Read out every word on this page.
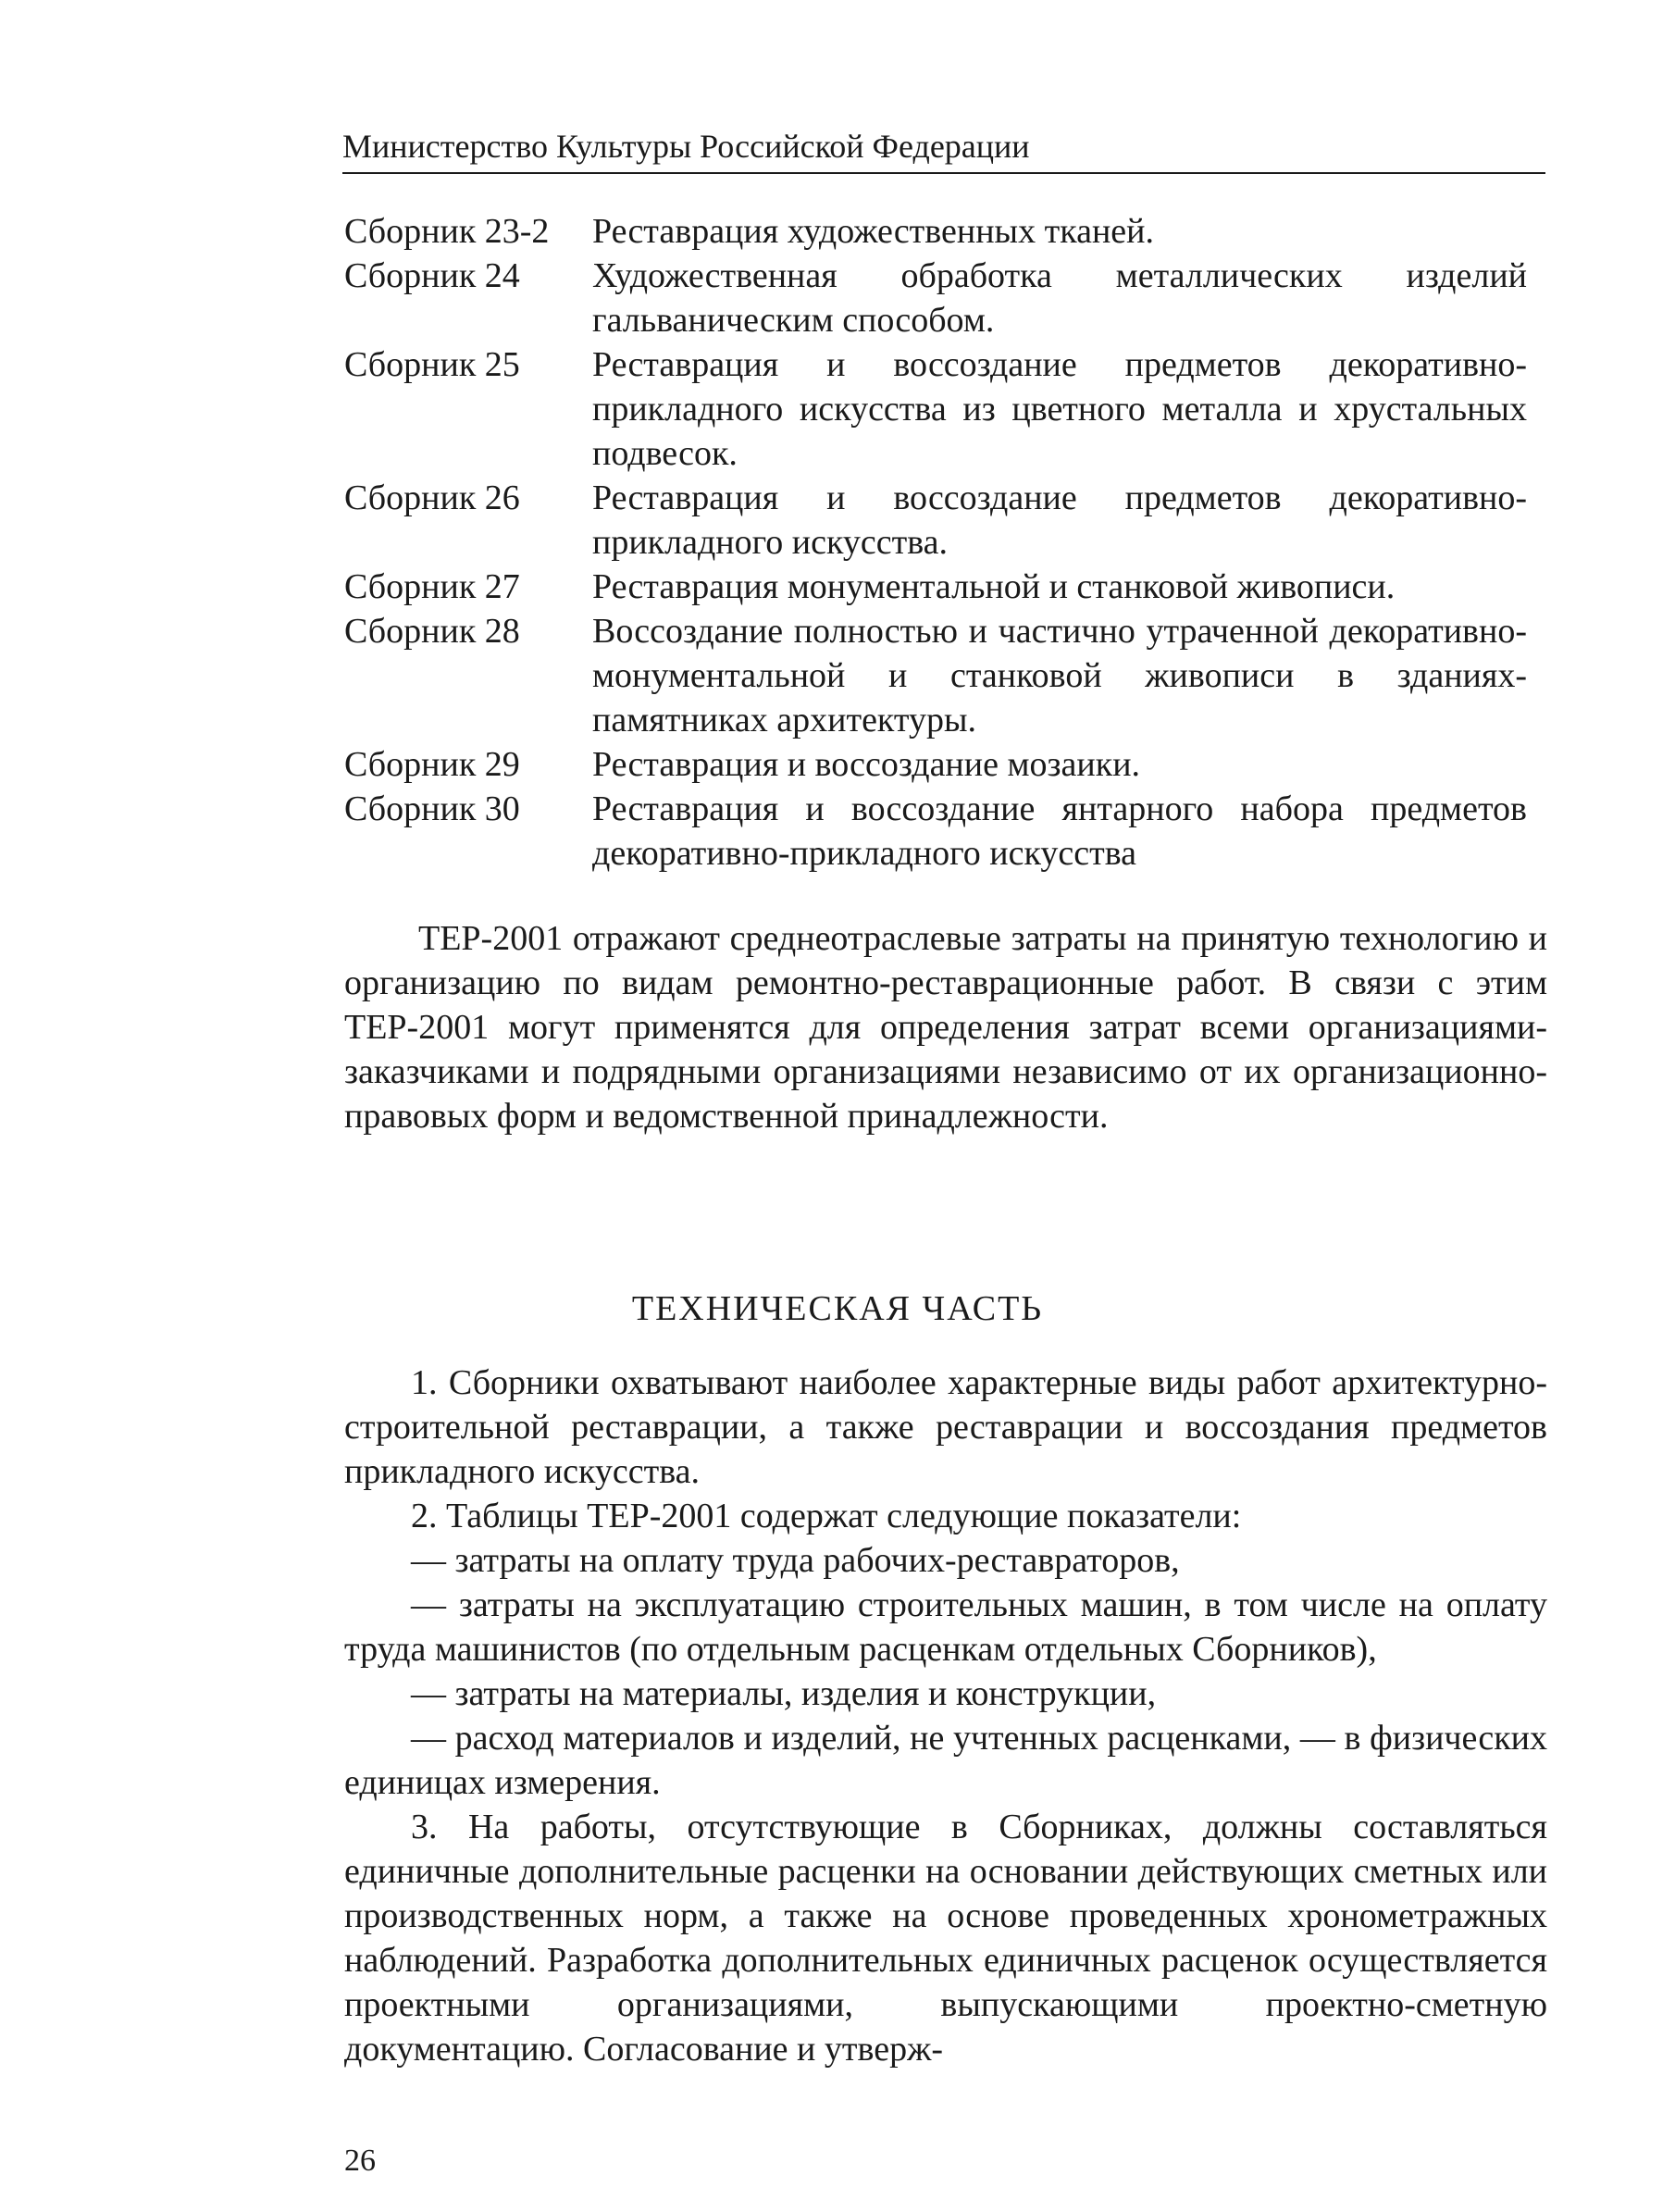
Министерство Культуры Российской Федерации
Сборник 23-2	Реставрация художественных тканей.
Сборник 24	Художественная обработка металлических изделий гальваническим способом.
Сборник 25	Реставрация и воссоздание предметов декоративно-прикладного искусства из цветного металла и хрустальных подвесок.
Сборник 26	Реставрация и воссоздание предметов декоративно-прикладного искусства.
Сборник 27	Реставрация монументальной и станковой живописи.
Сборник 28	Воссоздание полностью и частично утраченной декоративно-монументальной и станковой живописи в зданиях-памятниках архитектуры.
Сборник 29	Реставрация и воссоздание мозаики.
Сборник 30	Реставрация и воссоздание янтарного набора предметов декоративно-прикладного искусства

ТЕР-2001 отражают среднеотраслевые затраты на принятую технологию и организацию по видам ремонтно-реставрационные работ. В связи с этим ТЕР-2001 могут применятся для определения затрат всеми организациями-заказчиками и подрядными организациями независимо от их организационно-правовых форм и ведомственной принадлежности.

ТЕХНИЧЕСКАЯ ЧАСТЬ

1. Сборники охватывают наиболее характерные виды работ архитектурно-строительной реставрации, а также реставрации и воссоздания предметов прикладного искусства.

2. Таблицы ТЕР-2001 содержат следующие показатели:

— затраты на оплату труда рабочих-реставраторов,

— затраты на эксплуатацию строительных машин, в том числе на оплату труда машинистов (по отдельным расценкам отдельных Сборников),

— затраты на материалы, изделия и конструкции,

— расход материалов и изделий, не учтенных расценками, — в физических единицах измерения.

3. На работы, отсутствующие в Сборниках, должны составляться единичные дополнительные расценки на основании действующих сметных или производственных норм, а также на основе проведенных хронометражных наблюдений. Разработка дополнительных единичных расценок осуществляется проектными организациями, выпускающими проектно-сметную документацию. Согласование и утверж-

26
